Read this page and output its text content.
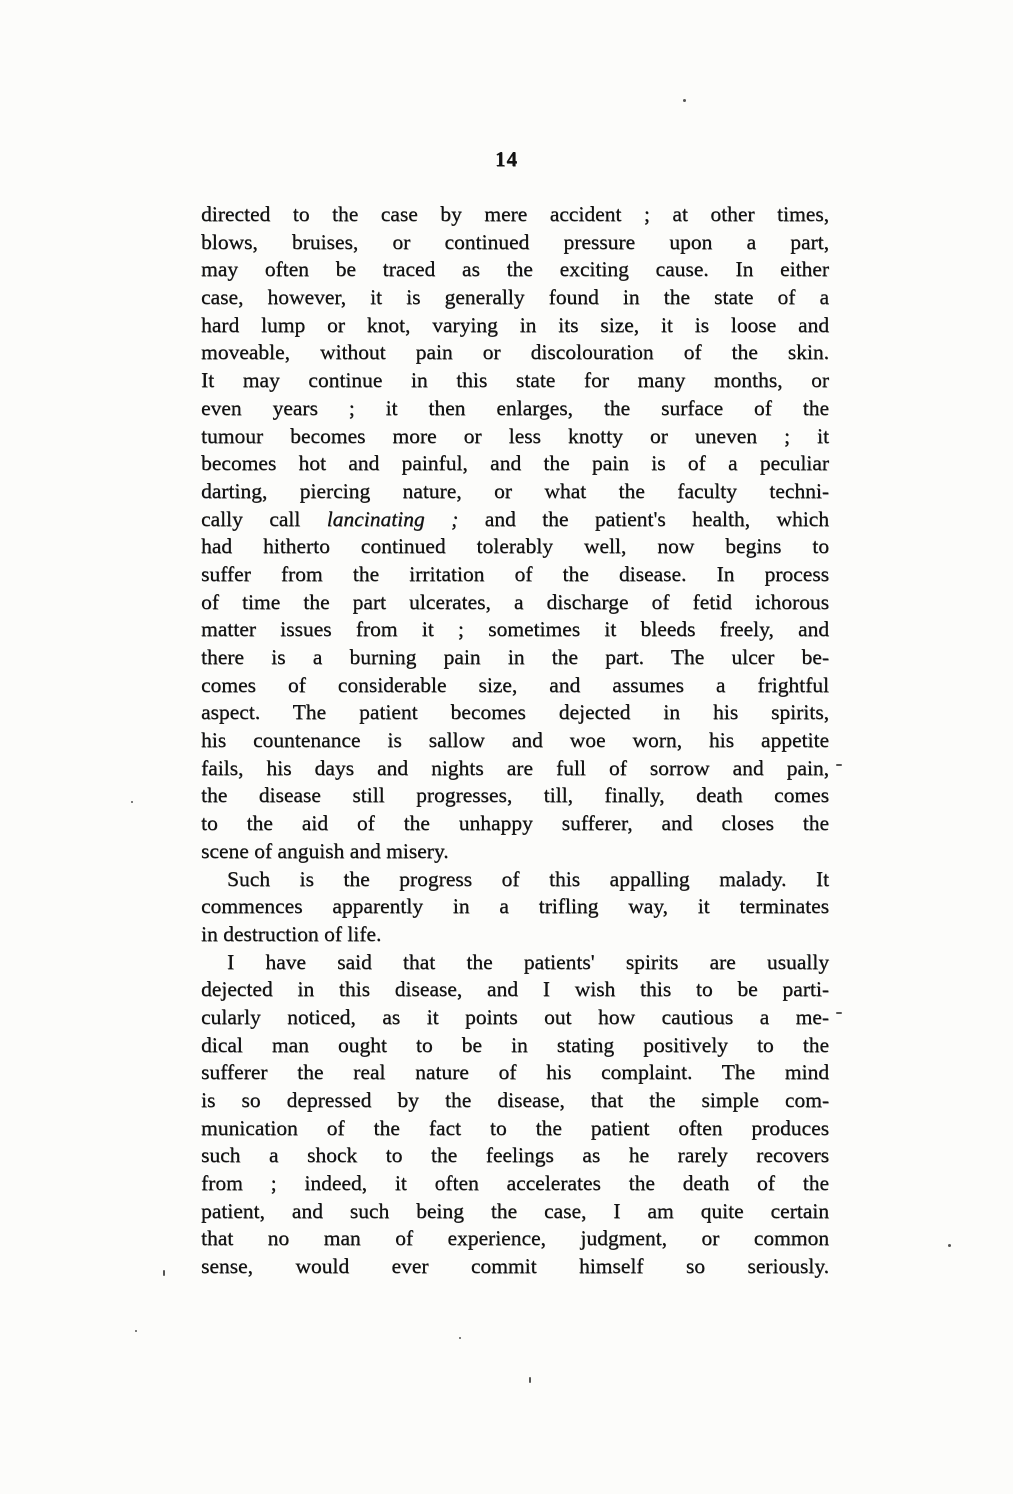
14
directed to the case by mere accident ; at other times,
blows, bruises, or continued pressure upon a part,
may often be traced as the exciting cause. In either
case, however, it is generally found in the state of a
hard lump or knot, varying in its size, it is loose and
moveable, without pain or discolouration of the skin.
It may continue in this state for many months, or
even years ; it then enlarges, the surface of the
tumour becomes more or less knotty or uneven ; it
becomes hot and painful, and the pain is of a peculiar
darting, piercing nature, or what the faculty techni-
cally call lancinating ; and the patient's health, which
had hitherto continued tolerably well, now begins to
suffer from the irritation of the disease. In process
of time the part ulcerates, a discharge of fetid ichorous
matter issues from it ; sometimes it bleeds freely, and
there is a burning pain in the part. The ulcer be-
comes of considerable size, and assumes a frightful
aspect. The patient becomes dejected in his spirits,
his countenance is sallow and woe worn, his appetite
fails, his days and nights are full of sorrow and pain,
the disease still progresses, till, finally, death comes
to the aid of the unhappy sufferer, and closes the
scene of anguish and misery.
Such is the progress of this appalling malady. It
commences apparently in a trifling way, it terminates
in destruction of life.
I have said that the patients' spirits are usually
dejected in this disease, and I wish this to be parti-
cularly noticed, as it points out how cautious a me-
dical man ought to be in stating positively to the
sufferer the real nature of his complaint. The mind
is so depressed by the disease, that the simple com-
munication of the fact to the patient often produces
such a shock to the feelings as he rarely recovers
from ; indeed, it often accelerates the death of the
patient, and such being the case, I am quite certain
that no man of experience, judgment, or common
sense, would ever commit himself so seriously.
